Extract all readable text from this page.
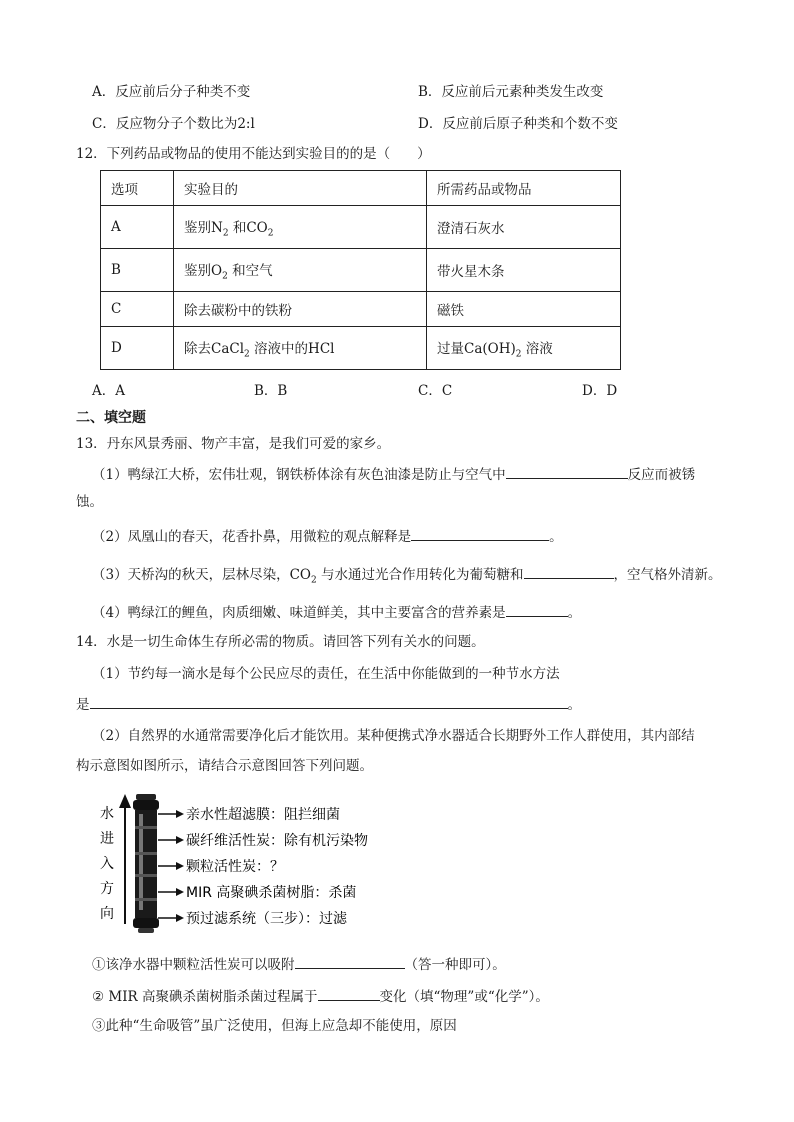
A．反应前后分子种类不变	B．反应前后元素种类发生改变
C．反应物分子个数比为2:l	D．反应前后原子种类和个数不变
12．下列药品或物品的使用不能达到实验目的的是（　　）
选项	实验目的	所需药品或物品
A	鉴别$N_2$ 和$CO_2$	澄清石灰水
B	鉴别$O_2$ 和空气	带火星木条
C	除去碳粉中的铁粉	磁铁
D	除去CaCl$_2$ 溶液中的HCl	过量$Ca(OH)_2$ 溶液
A．A	B．B	C．C	D．D
二、填空题
13．丹东风景秀丽、物产丰富，是我们可爱的家乡。
（1）鸭绿江大桥，宏伟壮观，钢铁桥体涂有灰色油漆是防止与空气中	反应而被锈
蚀。
（2）凤凰山的春天，花香扑鼻，用微粒的观点解释是	。
（3）天桥沟的秋天，层林尽染，$CO_2$ 与水通过光合作用转化为葡萄糖和	，空气格外清新。
（4）鸭绿江的鲤鱼，肉质细嫩、味道鲜美，其中主要富含的营养素是	。
14．水是一切生命体生存所必需的物质。请回答下列有关水的问题。
（1）节约每一滴水是每个公民应尽的责任，在生活中你能做到的一种节水方法
是	。
（2）自然界的水通常需要净化后才能饮用。某种便携式净水器适合长期野外工作人群使用，其内部结
构示意图如图所示，请结合示意图回答下列问题。
水
进
入
方
向
亲水性超滤膜：阻拦细菌
碳纤维活性炭：除有机污染物
颗粒活性炭：？
MIR 高聚碘杀菌树脂：杀菌
预过滤系统（三步）：过滤
①该净水器中颗粒活性炭可以吸附	（答一种即可）。
② MIR 高聚碘杀菌树脂杀菌过程属于	变化（填“物理”或“化学”）。
③此种“生命吸管”虽广泛使用，但海上应急却不能使用，原因
